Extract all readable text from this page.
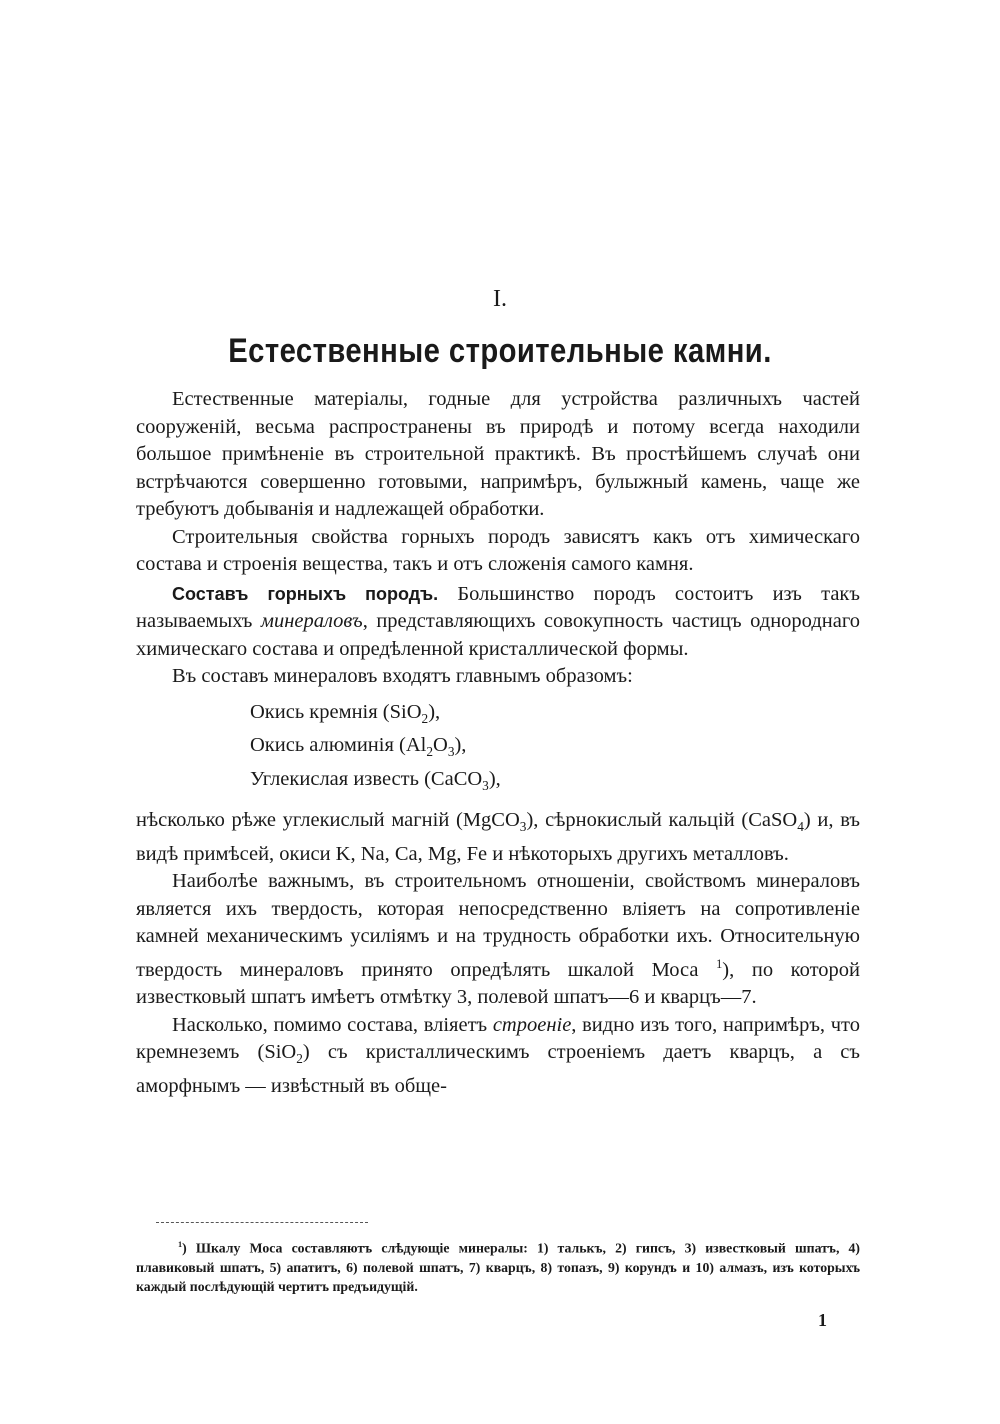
I.
Естественные строительные камни.

Естественные матеріалы, годные для устройства различныхъ частей сооруженій, весьма распространены въ природѣ и потому всегда находили большое примѣненіе въ строительной практикѣ. Въ простѣйшемъ случаѣ они встрѣчаются совершенно готовыми, напримѣръ, булыжный камень, чаще же требуютъ добыванія и надлежащей обработки.

Строительныя свойства горныхъ породъ зависятъ какъ отъ химическаго состава и строенія вещества, такъ и отъ сложенія самого камня.

Составъ горныхъ породъ. Большинство породъ состоитъ изъ такъ называемыхъ минераловъ, представляющихъ совокупность частицъ однороднаго химическаго состава и опредѣленной кристаллической формы.

Въ составъ минераловъ входятъ главнымъ образомъ:

Окись кремнія (SiO$_2$),
Окись алюминія $(Al_2O_3)$,
Углекислая известь (CaCO$_3$),

нѣсколько рѣже углекислый магній (MgCO$_3$), сѣрнокислый кальцій (CaSO$_4$) и, въ видѣ примѣсей, окиси K, Na, Ca, Mg, Fe и нѣкоторыхъ другихъ металловъ.

Наиболѣе важнымъ, въ строительномъ отношеніи, свойствомъ минераловъ является ихъ твердость, которая непосредственно вліяетъ на сопротивленіе камней механическимъ усиліямъ и на трудность обработки ихъ. Относительную твердость минераловъ принято опредѣлять шкалой Моса $^1$), по которой известковый шпатъ имѣетъ отмѣтку 3, полевой шпатъ—6 и кварцъ—7.

Насколько, помимо состава, вліяетъ строеніе, видно изъ того, напримѣръ, что кремнеземъ (SiO$_2$) съ кристаллическимъ строеніемъ даетъ кварцъ, а съ аморфнымъ — извѣстный въ обще-

$^1$) Шкалу Моса составляютъ слѣдующіе минералы: 1) талькъ, 2) гипсъ, 3) известковый шпатъ, 4) плавиковый шпатъ, 5) апатитъ, 6) полевой шпатъ, 7) кварцъ, 8) топазъ, 9) корундъ и 10) алмазъ, изъ которыхъ каждый послѣдующій чертитъ предъидущій.

1
